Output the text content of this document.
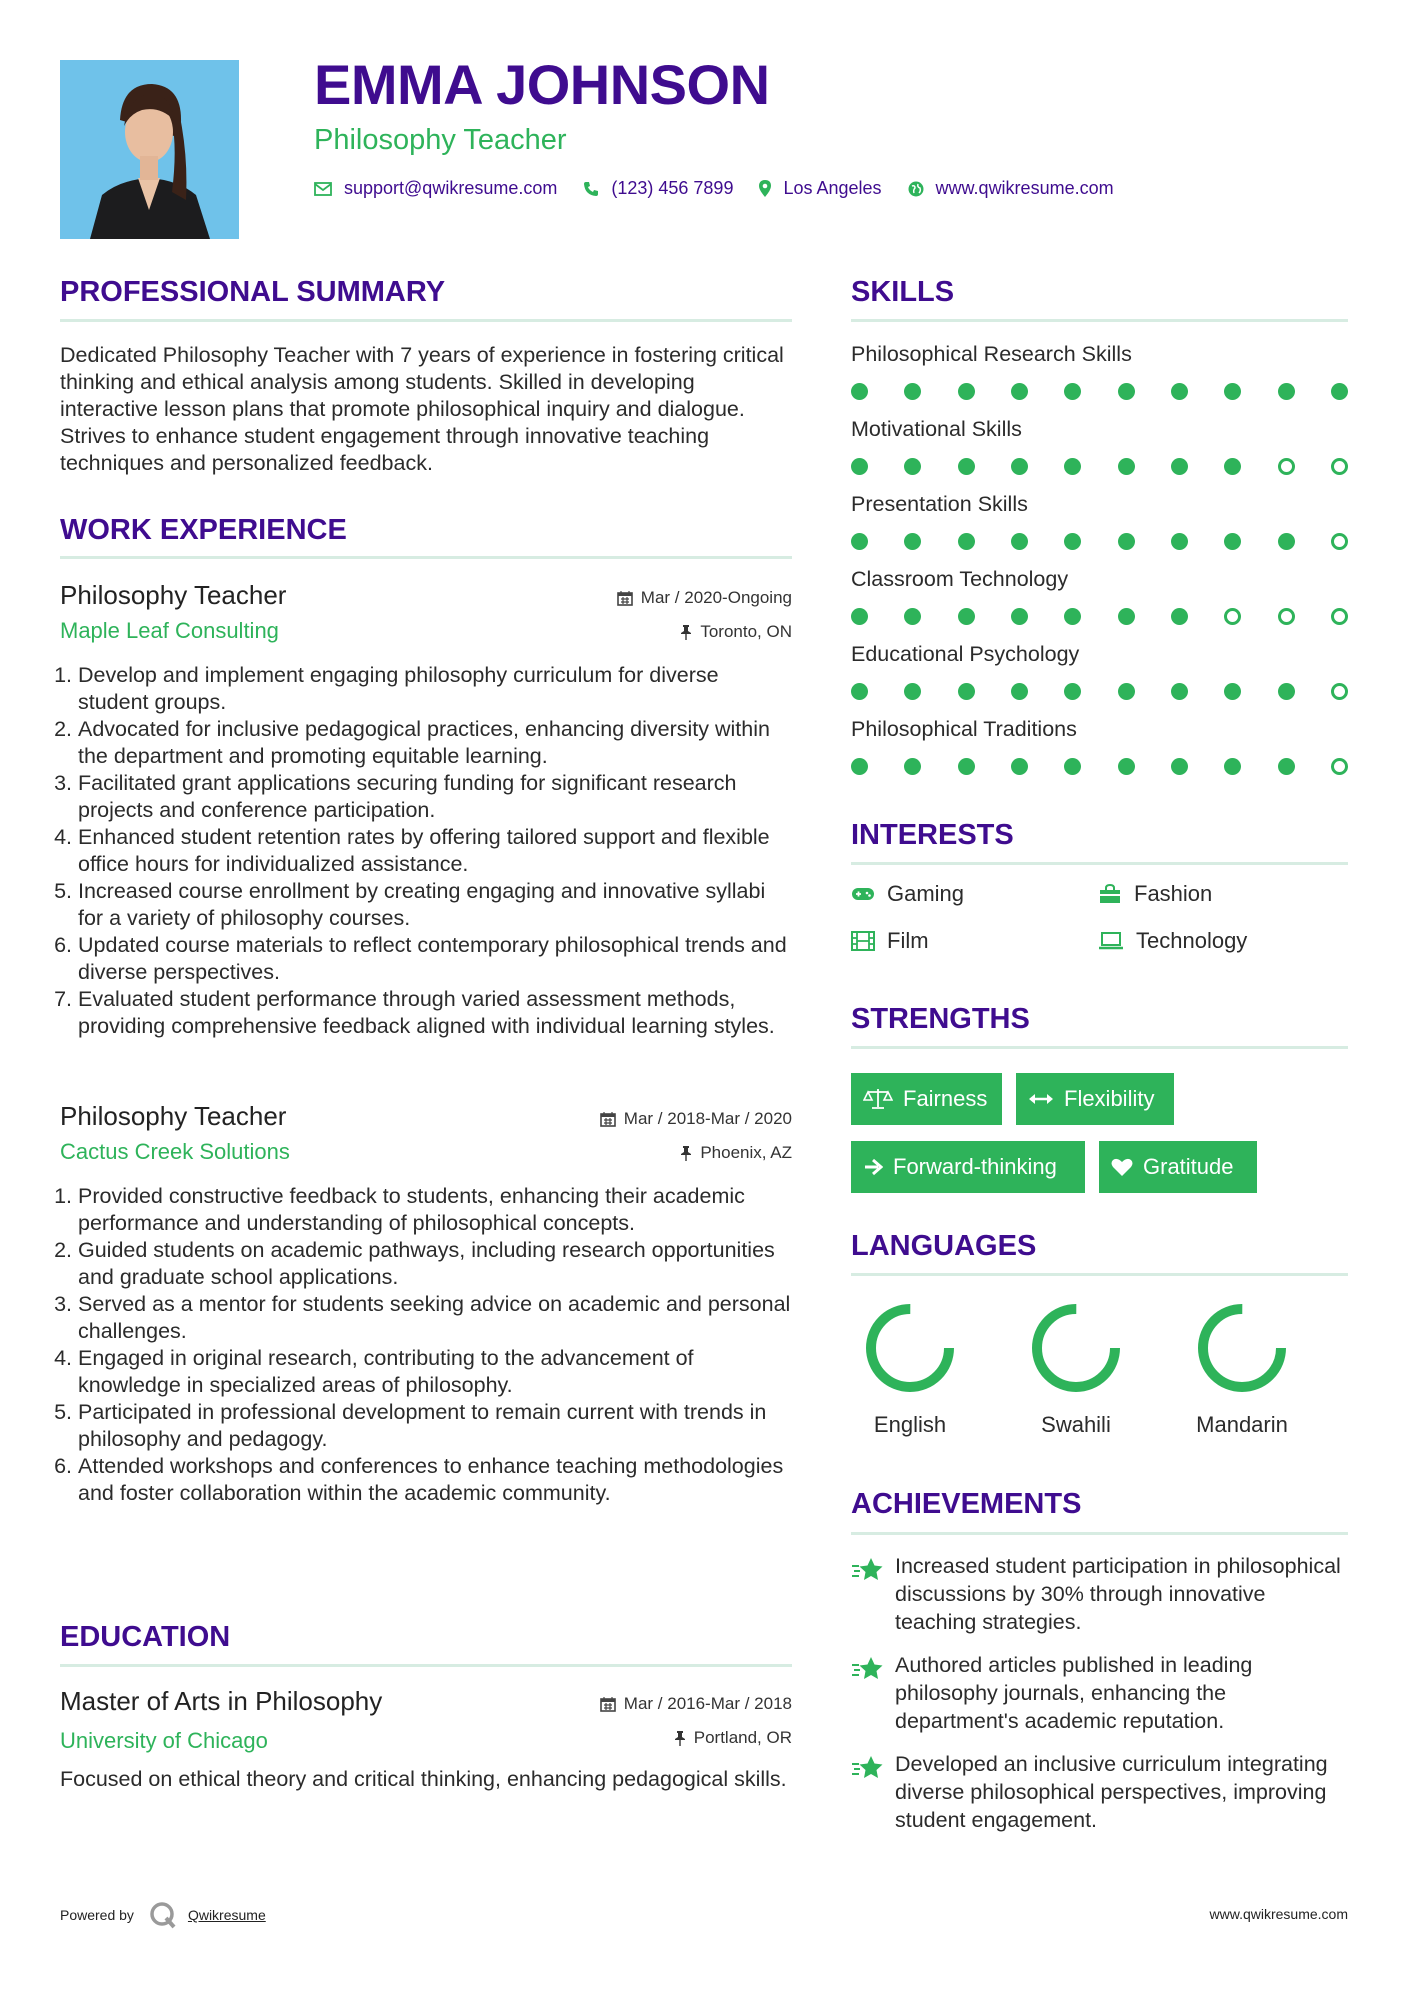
EMMA JOHNSON
Philosophy Teacher
support@qwikresume.com	(123) 456 7899	Los Angeles	www.qwikresume.com
PROFESSIONAL SUMMARY
Dedicated Philosophy Teacher with 7 years of experience in fostering critical thinking and ethical analysis among students. Skilled in developing interactive lesson plans that promote philosophical inquiry and dialogue. Strives to enhance student engagement through innovative teaching techniques and personalized feedback.
WORK EXPERIENCE
Philosophy Teacher
Maple Leaf Consulting
Mar / 2020-Ongoing
Toronto, ON
1. Develop and implement engaging philosophy curriculum for diverse student groups.
2. Advocated for inclusive pedagogical practices, enhancing diversity within the department and promoting equitable learning.
3. Facilitated grant applications securing funding for significant research projects and conference participation.
4. Enhanced student retention rates by offering tailored support and flexible office hours for individualized assistance.
5. Increased course enrollment by creating engaging and innovative syllabi for a variety of philosophy courses.
6. Updated course materials to reflect contemporary philosophical trends and diverse perspectives.
7. Evaluated student performance through varied assessment methods, providing comprehensive feedback aligned with individual learning styles.
Philosophy Teacher
Cactus Creek Solutions
Mar / 2018-Mar / 2020
Phoenix, AZ
1. Provided constructive feedback to students, enhancing their academic performance and understanding of philosophical concepts.
2. Guided students on academic pathways, including research opportunities and graduate school applications.
3. Served as a mentor for students seeking advice on academic and personal challenges.
4. Engaged in original research, contributing to the advancement of knowledge in specialized areas of philosophy.
5. Participated in professional development to remain current with trends in philosophy and pedagogy.
6. Attended workshops and conferences to enhance teaching methodologies and foster collaboration within the academic community.
EDUCATION
Master of Arts in Philosophy
University of Chicago
Mar / 2016-Mar / 2018
Portland, OR
Focused on ethical theory and critical thinking, enhancing pedagogical skills.
SKILLS
Philosophical Research Skills
Motivational Skills
Presentation Skills
Classroom Technology
Educational Psychology
Philosophical Traditions
INTERESTS
Gaming	Fashion
Film	Technology
STRENGTHS
Fairness	Flexibility
Forward-thinking	Gratitude
LANGUAGES
English	Swahili	Mandarin
ACHIEVEMENTS
Increased student participation in philosophical discussions by 30% through innovative teaching strategies.
Authored articles published in leading philosophy journals, enhancing the department's academic reputation.
Developed an inclusive curriculum integrating diverse philosophical perspectives, improving student engagement.
Powered by	Qwikresume	www.qwikresume.com
